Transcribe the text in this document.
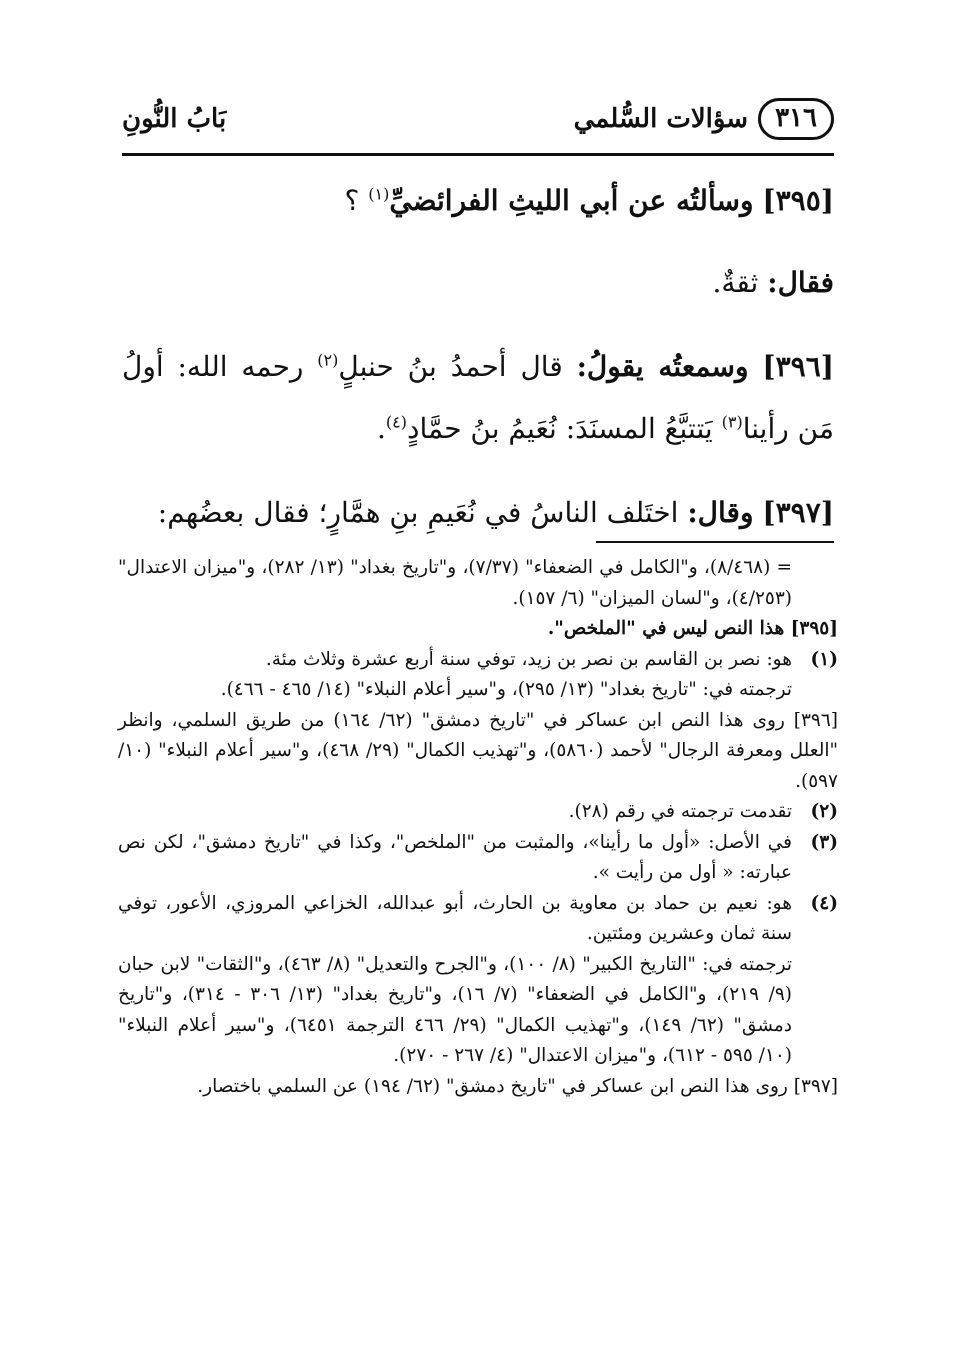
٣١٦
سؤالات السُّلمي
بَابُ النُّونِ

[٣٩٥] وسألتُه عن أبي الليثِ الفرائضيِّ$^{(١)}$ ؟

فقال: ثقةٌ.

[٣٩٦] وسمعتُه يقولُ: قال أحمدُ بنُ حنبلٍ$^{(٢)}$ رحمه الله: أولُ مَن رأينا$^{(٣)}$ يَتتبَّعُ المسنَدَ: نُعَيمُ بنُ حمَّادٍ$^{(٤)}$.

[٣٩٧] وقال: اختَلف الناسُ في نُعَيمِ بنِ همَّارٍ؛ فقال بعضُهم:

= (٨/٤٦٨)، و"الكامل في الضعفاء" (٧/٣٧)، و"تاريخ بغداد" (١٣/ ٢٨٢)، و"ميزان الاعتدال" (٤/٢٥٣)، و"لسان الميزان" (٦/ ١٥٧).

[٣٩٥] هذا النص ليس في "الملخص".

(١)
هو: نصر بن القاسم بن نصر بن زيد، توفي سنة أربع عشرة وثلاث مئة.
ترجمته في: "تاريخ بغداد" (١٣/ ٢٩٥)، و"سير أعلام النبلاء" (١٤/ ٤٦٥ - ٤٦٦).

[٣٩٦] روى هذا النص ابن عساكر في "تاريخ دمشق" (٦٢/ ١٦٤) من طريق السلمي، وانظر "العلل ومعرفة الرجال" لأحمد (٥٨٦٠)، و"تهذيب الكمال" (٢٩/ ٤٦٨)، و"سير أعلام النبلاء" (١٠/ ٥٩٧).

(٢)
تقدمت ترجمته في رقم (٢٨).
(٣)
في الأصل: «أول ما رأينا»، والمثبت من "الملخص"، وكذا في "تاريخ دمشق"، لكن نص عبارته: « أول من رأيت ».
(٤)
هو: نعيم بن حماد بن معاوية بن الحارث، أبو عبدالله، الخزاعي المروزي، الأعور، توفي سنة ثمان وعشرين ومئتين.
ترجمته في: "التاريخ الكبير" (٨/ ١٠٠)، و"الجرح والتعديل" (٨/ ٤٦٣)، و"الثقات" لابن حبان (٩/ ٢١٩)، و"الكامل في الضعفاء" (٧/ ١٦)، و"تاريخ بغداد" (١٣/ ٣٠٦ - ٣١٤)، و"تاريخ دمشق" (٦٢/ ١٤٩)، و"تهذيب الكمال" (٢٩/ ٤٦٦ الترجمة ٦٤٥١)، و"سير أعلام النبلاء" (١٠/ ٥٩٥ - ٦١٢)، و"ميزان الاعتدال" (٤/ ٢٦٧ - ٢٧٠).

[٣٩٧] روى هذا النص ابن عساكر في "تاريخ دمشق" (٦٢/ ١٩٤) عن السلمي باختصار.
